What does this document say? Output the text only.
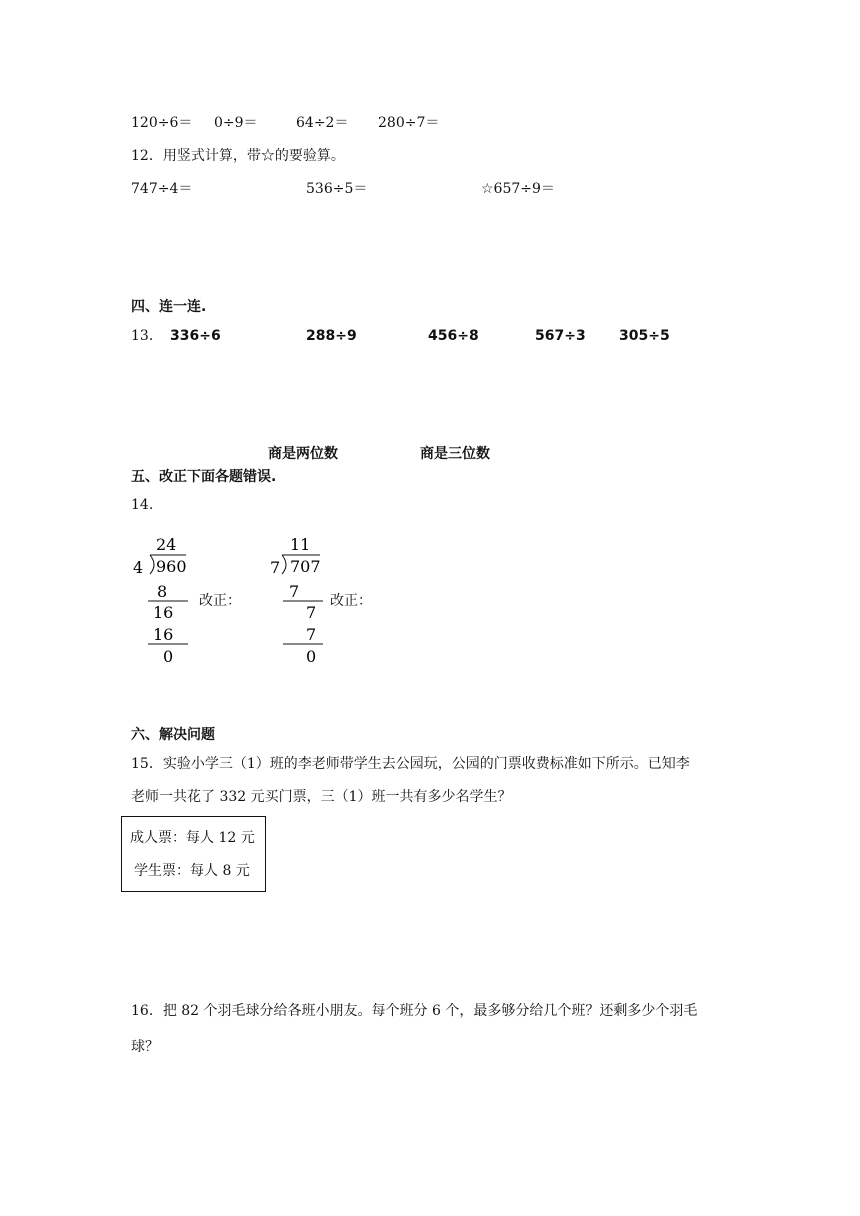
120÷6＝ 0÷9＝	64÷2＝ 280÷7＝
12．用竖式计算，带☆的要验算。
747÷4＝	536÷5＝	☆657÷9＝
四、连一连.
13． 336÷6	288÷9	456÷8	567÷3 305÷5
商是两位数	商是三位数
五、改正下面各题错误.
14.
24
4 960
8
16
16
0
改正：
11
7 707
7
7
7
0
改正：
六、解决问题
15．实验小学三（1）班的李老师带学生去公园玩，公园的门票收费标准如下所示。已知李
老师一共花了 332 元买门票，三（1）班一共有多少名学生？
成人票：每人 12 元
学生票：每人 8 元
16．把 82 个羽毛球分给各班小朋友。每个班分 6 个，最多够分给几个班？还剩多少个羽毛
球？
